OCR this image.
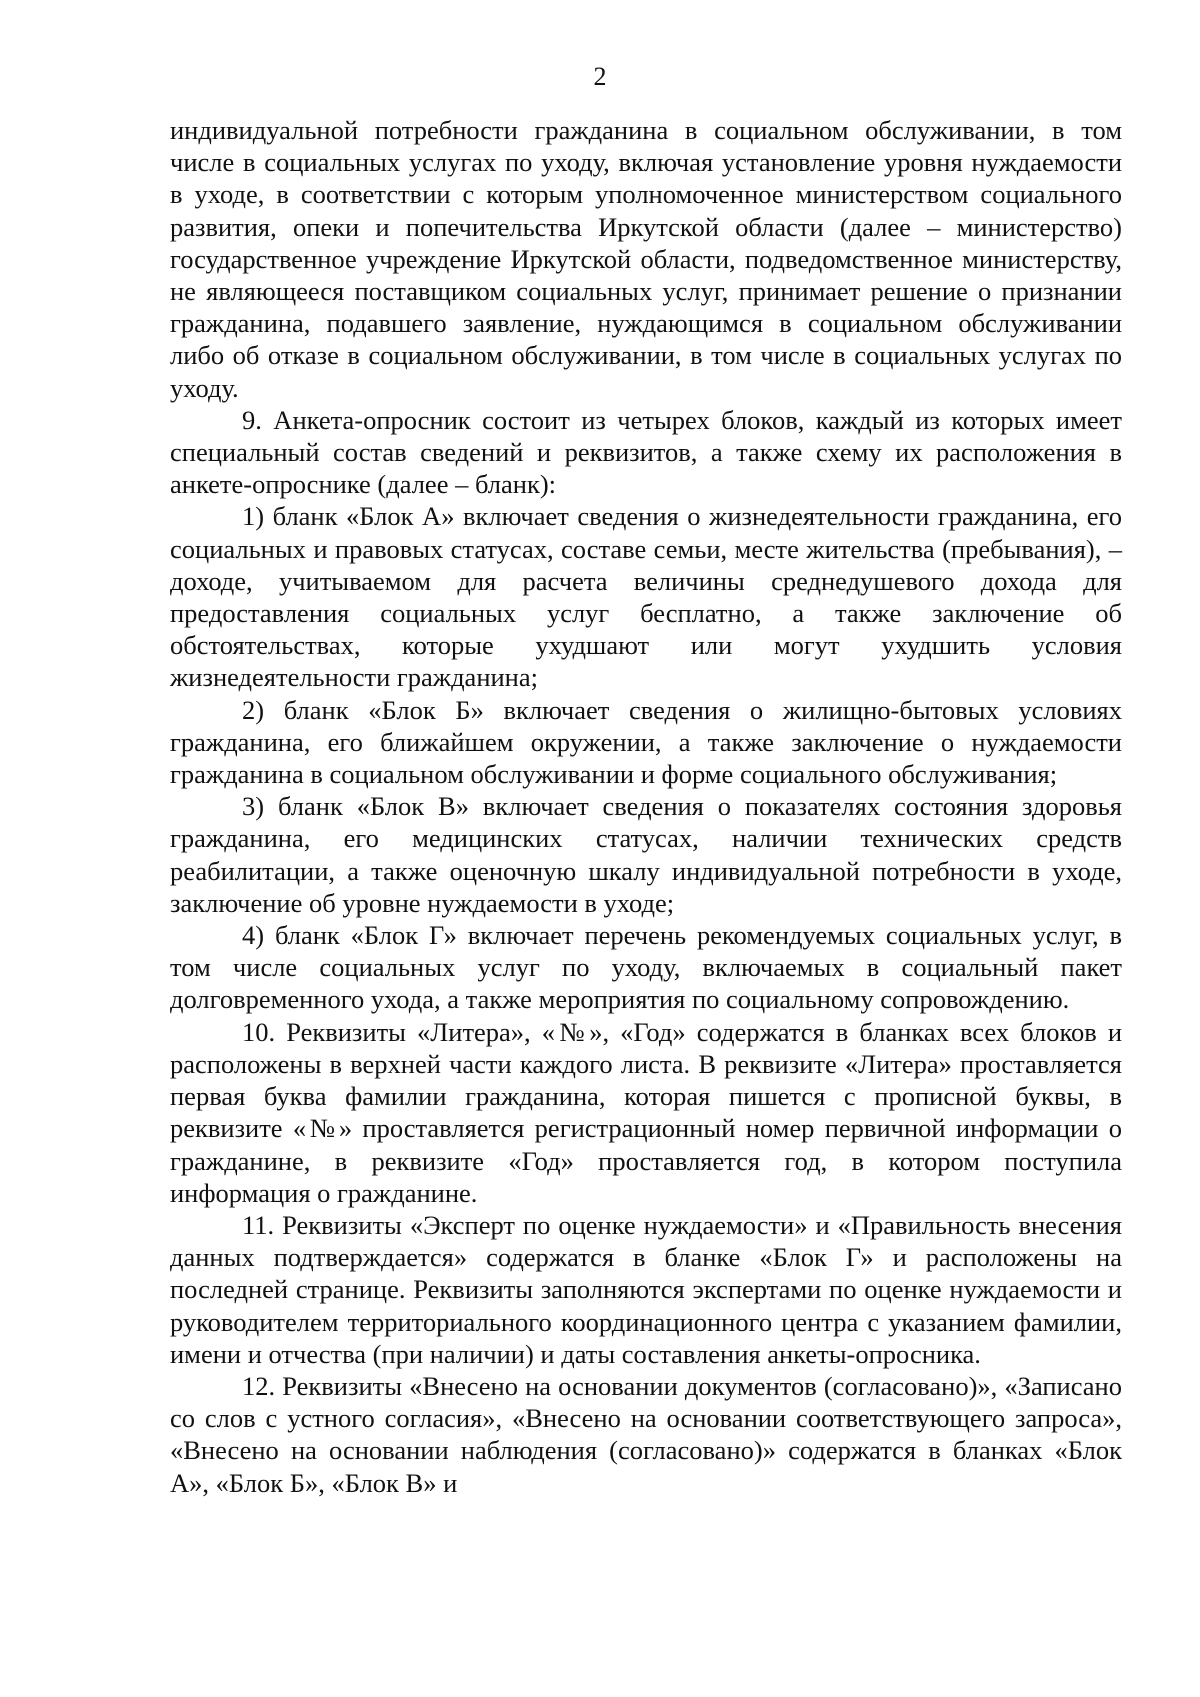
2

индивидуальной потребности гражданина в социальном обслуживании, в том числе в социальных услугах по уходу, включая установление уровня нуждаемости в уходе, в соответствии с которым уполномоченное министерством социального развития, опеки и попечительства Иркутской области (далее – министерство) государственное учреждение Иркутской области, подведомственное министерству, не являющееся поставщиком социальных услуг, принимает решение о признании гражданина, подавшего заявление, нуждающимся в социальном обслуживании либо об отказе в социальном обслуживании, в том числе в социальных услугах по уходу.

9. Анкета-опросник состоит из четырех блоков, каждый из которых имеет специальный состав сведений и реквизитов, а также схему их расположения в анкете-опроснике (далее – бланк):

1) бланк «Блок А» включает сведения о жизнедеятельности гражданина, его социальных и правовых статусах, составе семьи, месте жительства (пребывания), – доходе, учитываемом для расчета величины среднедушевого дохода для предоставления социальных услуг бесплатно, а также заключение об обстоятельствах, которые ухудшают или могут ухудшить условия жизнедеятельности гражданина;

2) бланк «Блок Б» включает сведения о жилищно-бытовых условиях гражданина, его ближайшем окружении, а также заключение о нуждаемости гражданина в социальном обслуживании и форме социального обслуживания;

3) бланк «Блок В» включает сведения о показателях состояния здоровья гражданина, его медицинских статусах, наличии технических средств реабилитации, а также оценочную шкалу индивидуальной потребности в уходе, заключение об уровне нуждаемости в уходе;

4) бланк «Блок Г» включает перечень рекомендуемых социальных услуг, в том числе социальных услуг по уходу, включаемых в социальный пакет долговременного ухода, а также мероприятия по социальному сопровождению.

10. Реквизиты «Литера», «№», «Год» содержатся в бланках всех блоков и расположены в верхней части каждого листа. В реквизите «Литера» проставляется первая буква фамилии гражданина, которая пишется с прописной буквы, в реквизите «№» проставляется регистрационный номер первичной информации о гражданине, в реквизите «Год» проставляется год, в котором поступила информация о гражданине.

11. Реквизиты «Эксперт по оценке нуждаемости» и «Правильность внесения данных подтверждается» содержатся в бланке «Блок Г» и расположены на последней странице. Реквизиты заполняются экспертами по оценке нуждаемости и руководителем территориального координационного центра с указанием фамилии, имени и отчества (при наличии) и даты составления анкеты-опросника.

12. Реквизиты «Внесено на основании документов (согласовано)», «Записано со слов с устного согласия», «Внесено на основании соответствующего запроса», «Внесено на основании наблюдения (согласовано)» содержатся в бланках «Блок А», «Блок Б», «Блок В» и
